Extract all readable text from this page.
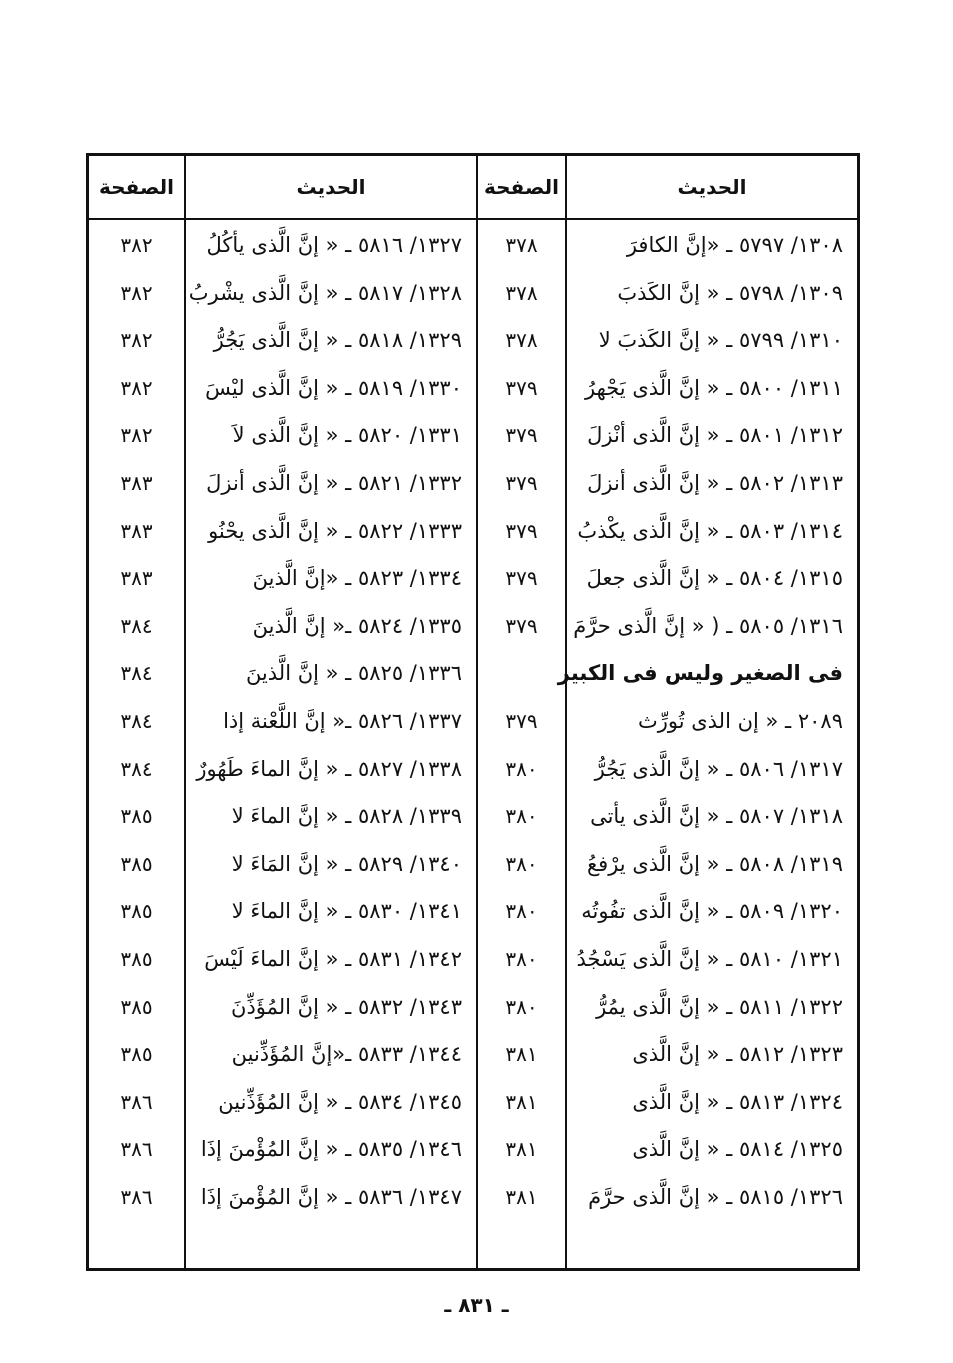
الحديث
الصفحة
الحديث
الصفحة
١٣٠٨/ ٥٧٩٧ ـ «إنَّ الكافرَ
٣٧٨
١٣٠٩/ ٥٧٩٨ ـ « إنَّ الكَذبَ
٣٧٨
١٣١٠/ ٥٧٩٩ ـ « إنَّ الكَذبَ لا
٣٧٨
١٣١١/ ٥٨٠٠ ـ « إنَّ الَّذى يَجْهرُ
٣٧٩
١٣١٢/ ٥٨٠١ ـ « إنَّ الَّذى أنْزلَ
٣٧٩
١٣١٣/ ٥٨٠٢ ـ « إنَّ الَّذى أنزلَ
٣٧٩
١٣١٤/ ٥٨٠٣ ـ « إنَّ الَّذى يكْذبُ
٣٧٩
١٣١٥/ ٥٨٠٤ ـ « إنَّ الَّذى جعلَ
٣٧٩
١٣١٦/ ٥٨٠٥ ـ ( « إنَّ الَّذى حرَّمَ
٣٧٩
فى الصغير وليس فى الكبير
٢٠٨٩ ـ « إن الذى تُورِّث
٣٧٩
١٣١٧/ ٥٨٠٦ ـ « إنَّ الَّذى يَجُرُّ
٣٨٠
١٣١٨/ ٥٨٠٧ ـ « إنَّ الَّذى يأتى
٣٨٠
١٣١٩/ ٥٨٠٨ ـ « إنَّ الَّذى يرْفعُ
٣٨٠
١٣٢٠/ ٥٨٠٩ ـ « إنَّ الَّذى تفُوتُه
٣٨٠
١٣٢١/ ٥٨١٠ ـ « إنَّ الَّذى يَسْجُدُ
٣٨٠
١٣٢٢/ ٥٨١١ ـ « إنَّ الَّذى يمُرُّ
٣٨٠
١٣٢٣/ ٥٨١٢ ـ « إنَّ الَّذى
٣٨١
١٣٢٤/ ٥٨١٣ ـ « إنَّ الَّذى
٣٨١
١٣٢٥/ ٥٨١٤ ـ « إنَّ الَّذى
٣٨١
١٣٢٦/ ٥٨١٥ ـ « إنَّ الَّذى حرَّمَ
٣٨١
١٣٢٧/ ٥٨١٦ ـ « إنَّ الَّذى يأكُلُ
٣٨٢
١٣٢٨/ ٥٨١٧ ـ « إنَّ الَّذى يشْربُ
٣٨٢
١٣٢٩/ ٥٨١٨ ـ « إنَّ الَّذى يَجُرُّ
٣٨٢
١٣٣٠/ ٥٨١٩ ـ « إنَّ الَّذى ليْسَ
٣٨٢
١٣٣١/ ٥٨٢٠ ـ « إنَّ الَّذى لاَ
٣٨٢
١٣٣٢/ ٥٨٢١ ـ « إنَّ الَّذى أنزلَ
٣٨٣
١٣٣٣/ ٥٨٢٢ ـ « إنَّ الَّذى يحْنُو
٣٨٣
١٣٣٤/ ٥٨٢٣ ـ «إنَّ الَّذينَ
٣٨٣
١٣٣٥/ ٥٨٢٤ ـ« إنَّ الَّذينَ
٣٨٤
١٣٣٦/ ٥٨٢٥ ـ « إنَّ الَّذينَ
٣٨٤
١٣٣٧/ ٥٨٢٦ ـ« إنَّ اللَّعْنة إذا
٣٨٤
١٣٣٨/ ٥٨٢٧ ـ « إنَّ الماءَ طَهُورٌ
٣٨٤
١٣٣٩/ ٥٨٢٨ ـ « إنَّ الماءَ لا
٣٨٥
١٣٤٠/ ٥٨٢٩ ـ « إنَّ المَاءَ لا
٣٨٥
١٣٤١/ ٥٨٣٠ ـ « إنَّ الماءَ لا
٣٨٥
١٣٤٢/ ٥٨٣١ ـ « إنَّ الماءَ لَيْسَ
٣٨٥
١٣٤٣/ ٥٨٣٢ ـ « إنَّ المُؤَذِّنَ
٣٨٥
١٣٤٤/ ٥٨٣٣ ـ«إنَّ المُؤَذِّنين
٣٨٥
١٣٤٥/ ٥٨٣٤ ـ « إنَّ المُؤَذِّنين
٣٨٦
١٣٤٦/ ٥٨٣٥ ـ « إنَّ المُؤْمنَ إذَا
٣٨٦
١٣٤٧/ ٥٨٣٦ ـ « إنَّ المُؤْمنَ إذَا
٣٨٦
ـ ٨٣١ ـ
